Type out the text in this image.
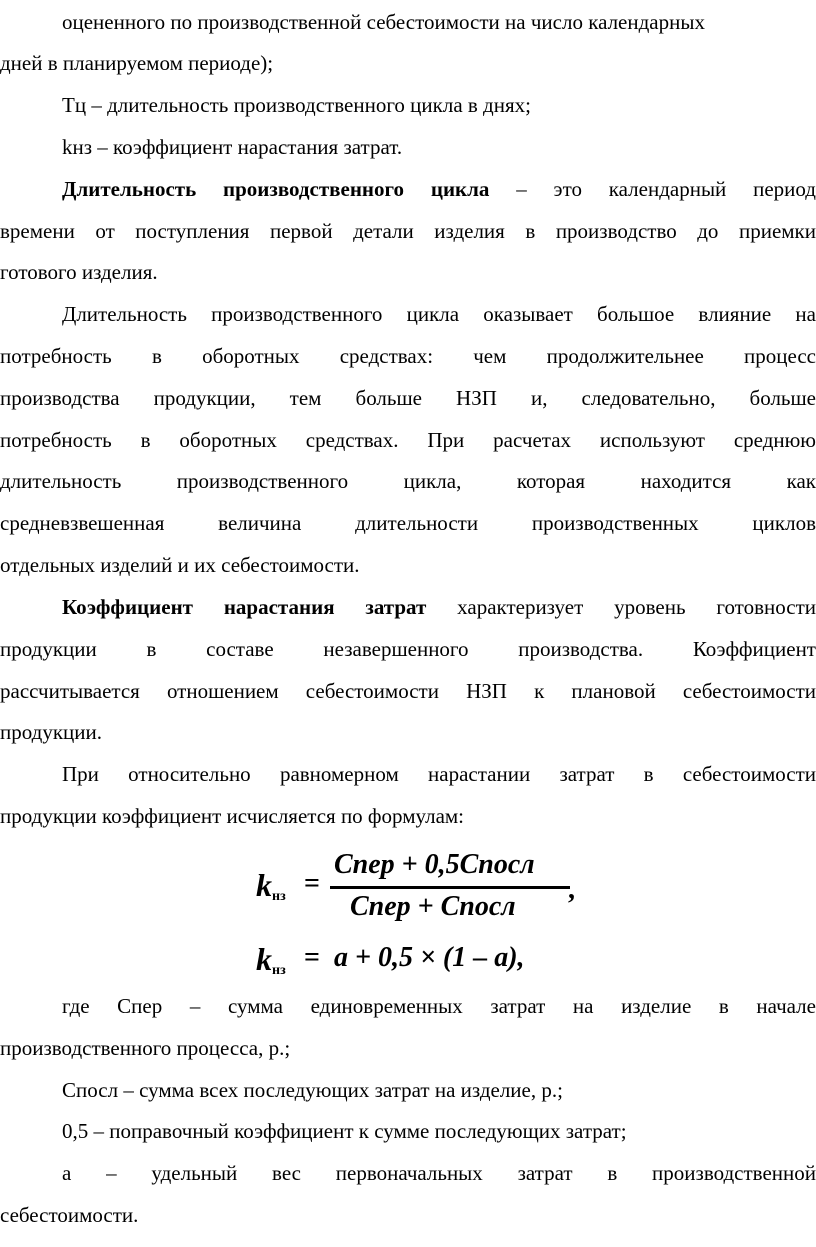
оцененного по производственной себестоимости на число календарных
дней в планируемом периоде);
Тц – длительность производственного цикла в днях;
kнз – коэффициент нарастания затрат.
Длительность производственного цикла – это календарный период
времени от поступления первой детали изделия в производство до приемки
готового изделия.
Длительность производственного цикла оказывает большое влияние на
потребность в оборотных средствах: чем продолжительнее процесс
производства продукции, тем больше НЗП и, следовательно, больше
потребность в оборотных средствах. При расчетах используют среднюю
длительность производственного цикла, которая находится как
средневзвешенная величина длительности производственных циклов
отдельных изделий и их себестоимости.
Коэффициент нарастания затрат характеризует уровень готовности
продукции в составе незавершенного производства. Коэффициент
рассчитывается отношением себестоимости НЗП к плановой себестоимости
продукции.
При относительно равномерном нарастании затрат в себестоимости
продукции коэффициент исчисляется по формулам:
$k_{нз}$ =
Cпер + 0,5Cпосл
Cпер + Cпосл
,
$k_{нз} = a + 0,5 \times (1 - a)$,
где Спер – сумма единовременных затрат на изделие в начале
производственного процесса, р.;
Спосл – сумма всех последующих затрат на изделие, р.;
0,5 – поправочный коэффициент к сумме последующих затрат;
а – удельный вес первоначальных затрат в производственной
себестоимости.
